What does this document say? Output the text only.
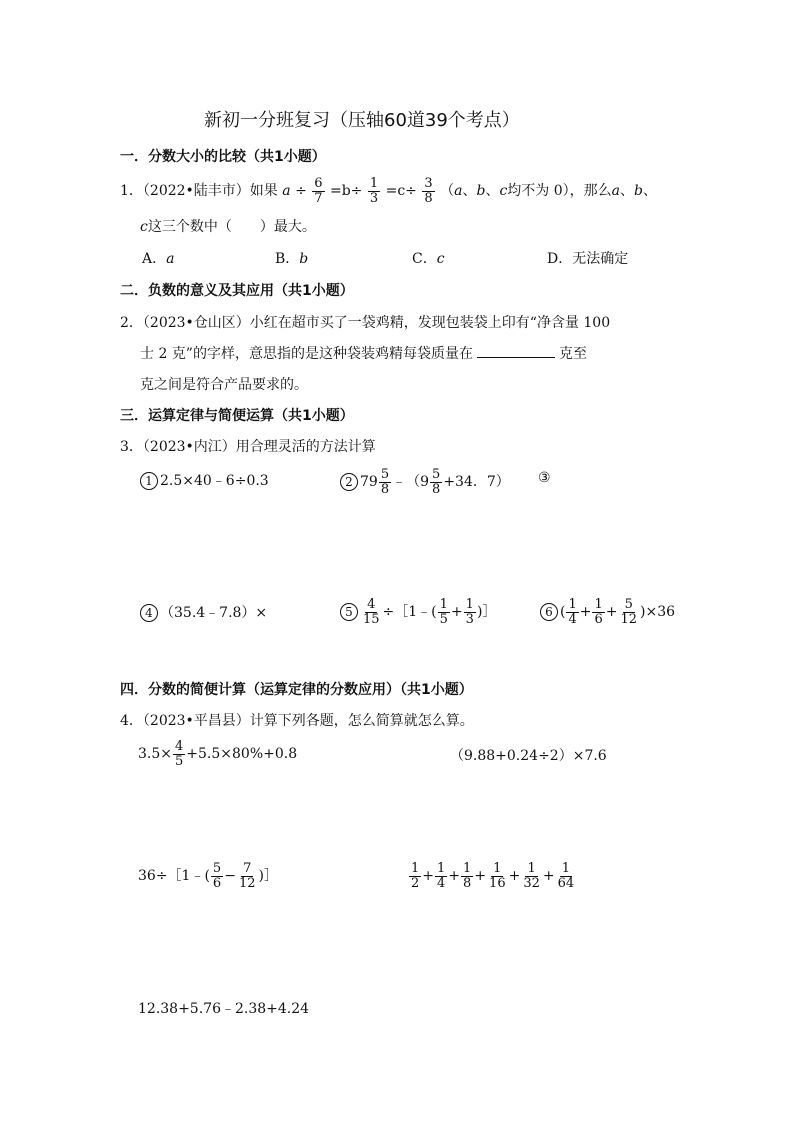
新初一分班复习（压轴60道39个考点）
一．分数大小的比较（共1小题）
1．（2022•陆丰市）如果 $a \div \frac{6}{7} =b\div \frac{1}{3} =c\div \frac{3}{8} (a$、b、c均不为 0），那么a、b、
c这三个数中（　　）最大。
A．a	B．b	C．c	D．无法确定
二．负数的意义及其应用（共1小题）
2．（2023•仓山区）小红在超市买了一袋鸡精，发现包装袋上印有“净含量 100
士 2 克”的字样，意思指的是这种袋装鸡精每袋质量在	克至
克之间是符合产品要求的。
三．运算定律与简便运算（共1小题）
3．（2023•内江）用合理灵活的方法计算
1 2.5×40﹣6÷0.3	2 $79 \frac{5}{8}$ ﹣（9 $\frac{5}{8} +34$．7） ③
4 （35.4﹣7.8）×	$5 \frac{4}{15}$ ÷［1﹣( $\frac{1}{5} + \frac{1}{3}$ )］	6 ( $\frac{1}{4} + \frac{1}{6} + \frac{5}{12} )\times 36$
四．分数的简便计算（运算定律的分数应用）（共1小题）
4．（2023•平昌县）计算下列各题，怎么简算就怎么算。
$3.5\times \frac{4}{5} +5.5\times 80\%+0.8$	（9.88+0.24÷2）×7.6
36÷［1﹣( $\frac{5}{6} - \frac{7}{12}$ )］	$\frac{1}{2} + \frac{1}{4} + \frac{1}{8} + \frac{1}{16} + \frac{1}{32} + \frac{1}{64}$
12.38+5.76﹣2.38+4.24
